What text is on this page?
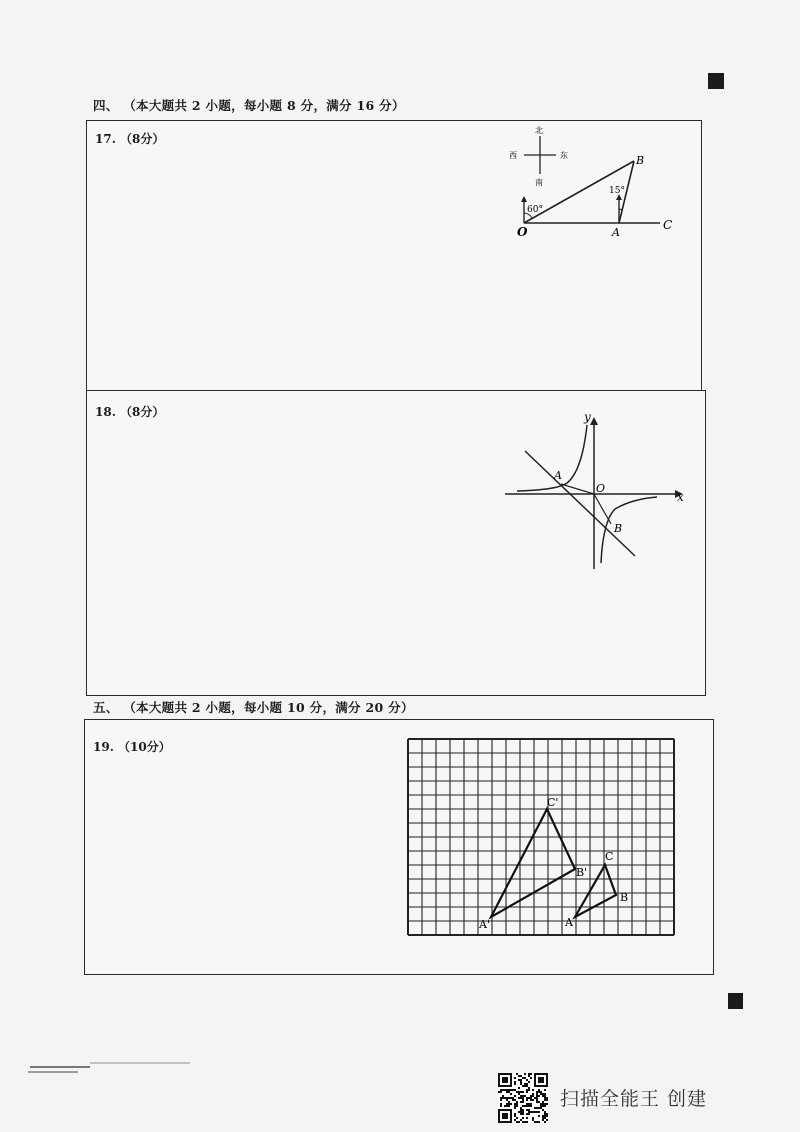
四、 （本大题共 2 小题，每小题 8 分，满分 16 分）
17. （8分）
北
南
西	东
60°
15°
O	A
B
C
18. （8分）	y
x
O
A
B
五、 （本大题共 2 小题，每小题 10 分，满分 20 分）
19. （10分）
C'
B'
A'
C
B
A
扫描全能王 创建
